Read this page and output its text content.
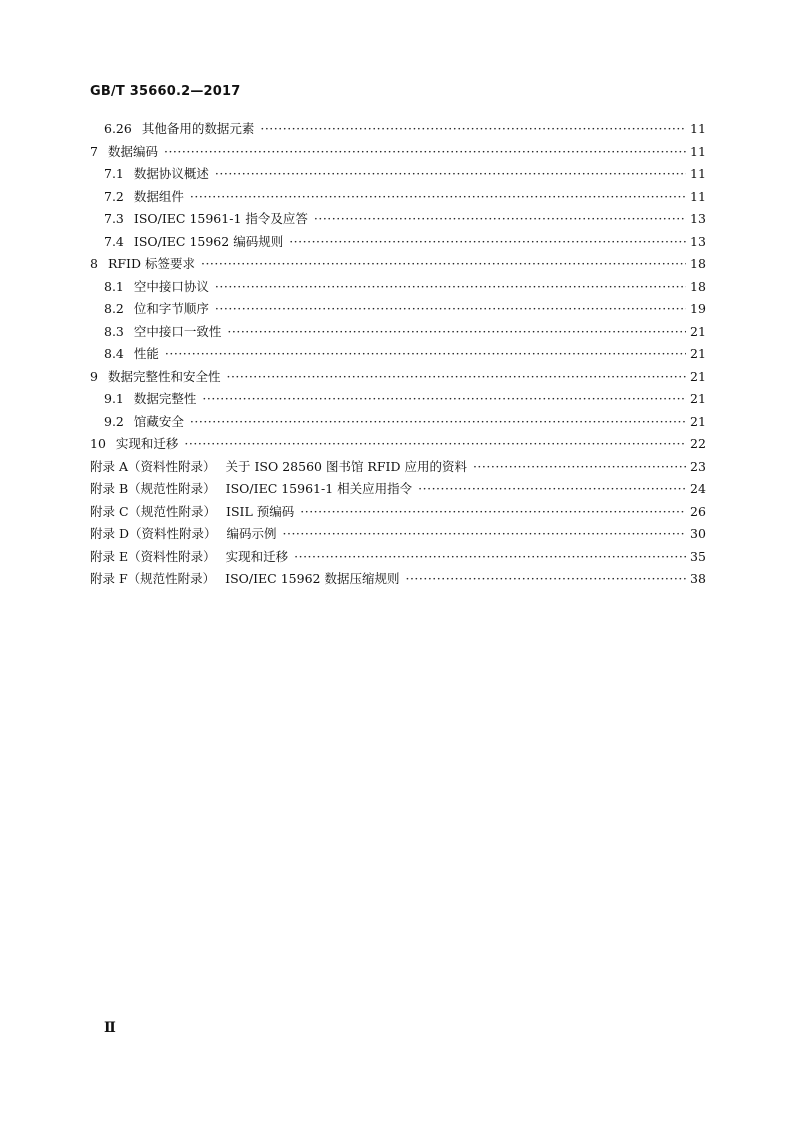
GB/T 35660.2—2017
6.26 其他备用的数据元素 ·····	11
7 数据编码 ·····	11
7.1 数据协议概述 ·····	11
7.2 数据组件 ·····	11
7.3 ISO/IEC 15961-1 指令及应答 ·····	13
7.4 ISO/IEC 15962 编码规则 ·····	13
8 RFID 标签要求 ·····	18
8.1 空中接口协议 ·····	18
8.2 位和字节顺序 ·····	19
8.3 空中接口一致性 ·····	21
8.4 性能 ·····	21
9 数据完整性和安全性 ·····	21
9.1 数据完整性 ·····	21
9.2 馆藏安全 ·····	21
10 实现和迁移 ·····	22
附录 A（资料性附录） 关于 ISO 28560 图书馆 RFID 应用的资料 ·····	23
附录 B（规范性附录） ISO/IEC 15961-1 相关应用指令 ·····	24
附录 C（规范性附录） ISIL 预编码 ·····	26
附录 D（资料性附录） 编码示例 ·····	30
附录 E（资料性附录） 实现和迁移 ·····	35
附录 F（规范性附录） ISO/IEC 15962 数据压缩规则 ·····	38
Ⅱ
